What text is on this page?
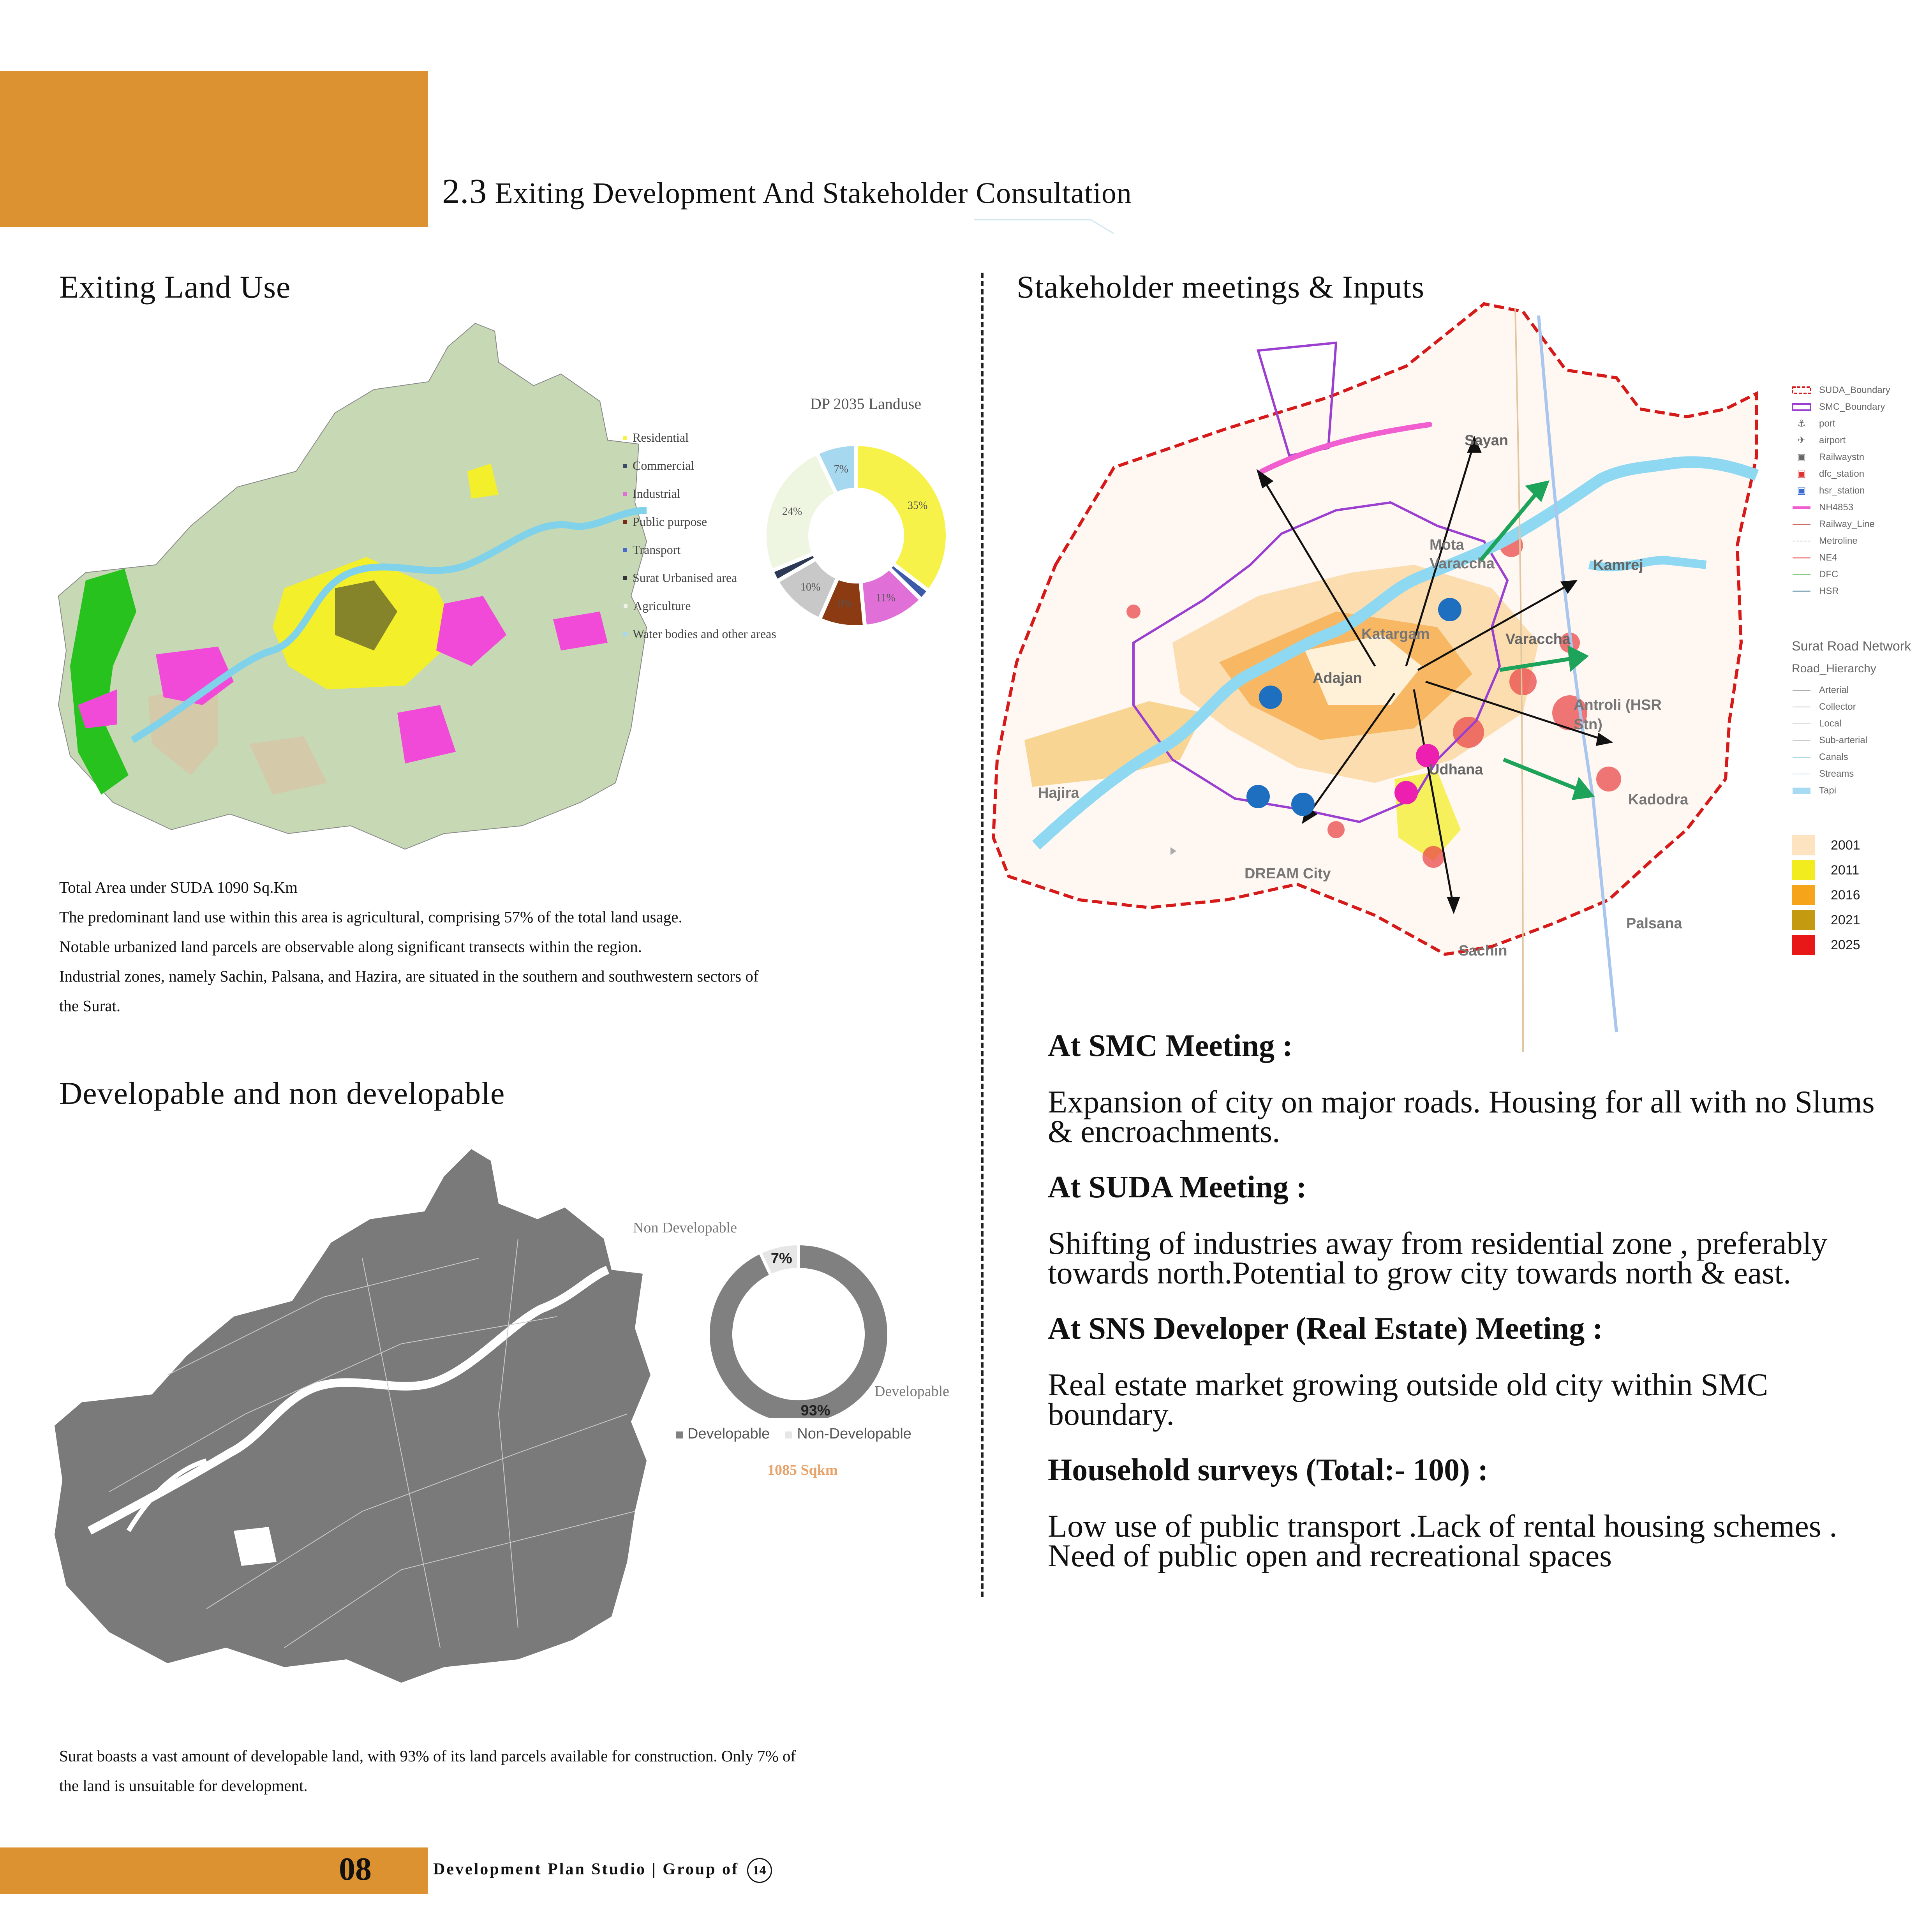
2.3 Exiting Development And Stakeholder Consultation
Exiting Land Use
DP 2035 Landuse
35%
11%
8%
10%
24%
7%
Residential
Commercial
Industrial
Public purpose
Transport
Surat Urbanised area
Agriculture
Water bodies and other areas
Total Area under SUDA 1090 Sq.Km
The predominant land use within this area is agricultural, comprising 57% of the total land usage.
Notable urbanized land parcels are observable along significant transects within the region.
Industrial zones, namely Sachin, Palsana, and Hazira, are situated in the southern and southwestern sectors of
the Surat.
Developable and non developable
Non Developable
Developable
93%
7%
Developable	Non-Developable
1085 Sqkm
Surat boasts a vast amount of developable land, with 93% of its land parcels available for construction. Only 7% of
the land is unsuitable for development.
Stakeholder meetings & Inputs
Sayan
Mota Varaccha	Kamrej
Katargam	Varaccha
Adajan
Antroli (HSR Stn)
Udhana
Hajira	Kadodra
DREAM City
Palsana
Sachin
SUDA_Boundary
SMC_Boundary
⚓	port
✈	airport
▣	Railwaystn
▣	dfc_station
▣	hsr_station
NH4853
Railway_Line
Metroline
NE4
DFC
HSR
Surat Road Network
Road_Hierarchy
Arterial
Collector
Local
Sub-arterial
Canals
Streams
Tapi
2001
2011
2016
2021
2025
At SMC Meeting :
Expansion of city on major roads. Housing for all with no Slums & encroachments.
At SUDA Meeting :
Shifting of industries away from residential zone , preferably towards north.Potential to grow city towards north & east.
At SNS Developer (Real Estate) Meeting :
Real estate market growing outside old city within SMC boundary.
Household surveys (Total:- 100) :
Low use of public transport .Lack of rental housing schemes . Need of public open and recreational spaces
08	Development Plan Studio | Group of 14
